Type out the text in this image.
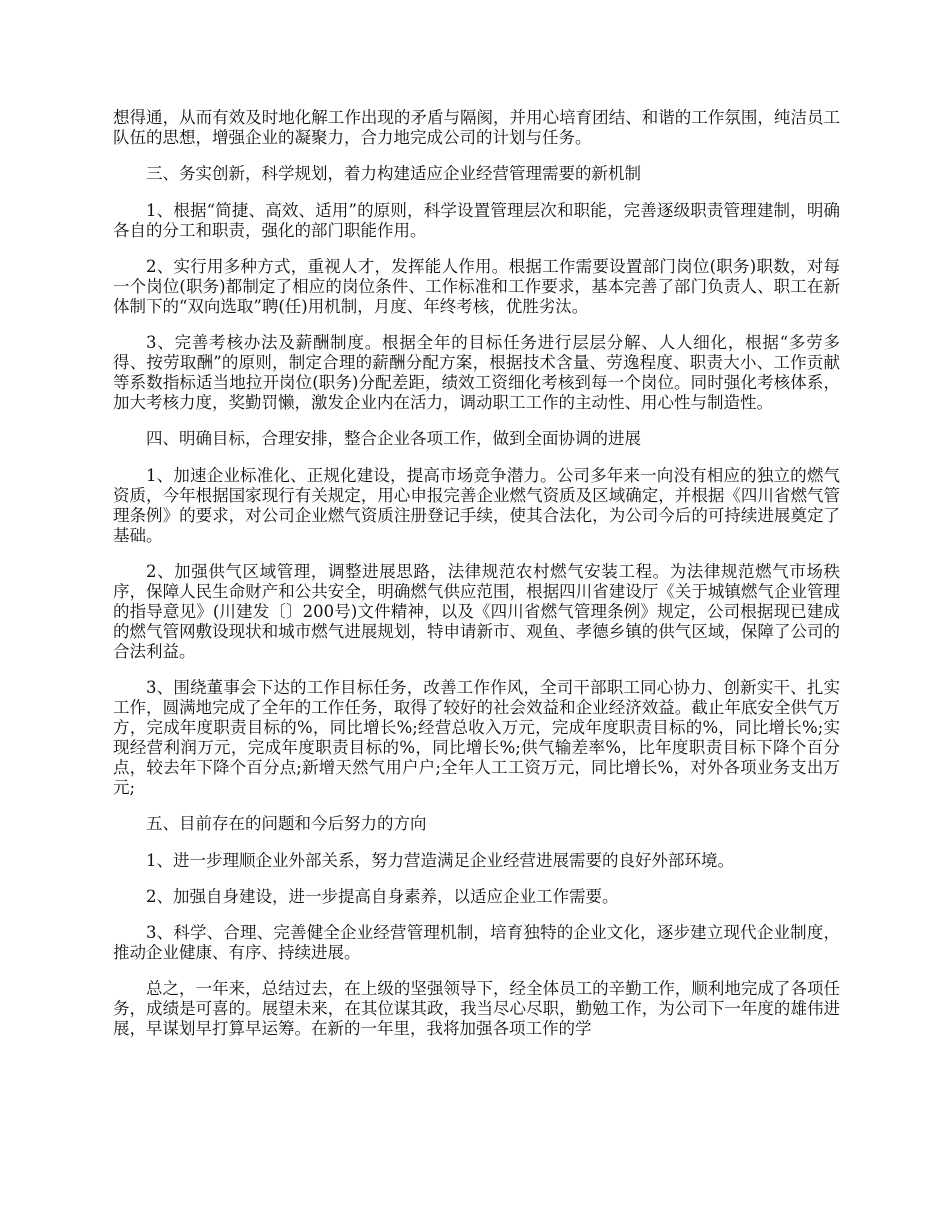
想得通，从而有效及时地化解工作出现的矛盾与隔阂，并用心培育团结、和谐的工作氛围，纯洁员工队伍的思想，增强企业的凝聚力，合力地完成公司的计划与任务。

三、务实创新，科学规划，着力构建适应企业经营管理需要的新机制

1、根据“简捷、高效、适用”的原则，科学设置管理层次和职能，完善逐级职责管理建制，明确各自的分工和职责，强化的部门职能作用。

2、实行用多种方式，重视人才，发挥能人作用。根据工作需要设置部门岗位(职务)职数，对每一个岗位(职务)都制定了相应的岗位条件、工作标准和工作要求，基本完善了部门负责人、职工在新体制下的“双向选取”聘(任)用机制，月度、年终考核，优胜劣汰。

3、完善考核办法及薪酬制度。根据全年的目标任务进行层层分解、人人细化，根据“多劳多得、按劳取酬”的原则，制定合理的薪酬分配方案，根据技术含量、劳逸程度、职责大小、工作贡献等系数指标适当地拉开岗位(职务)分配差距，绩效工资细化考核到每一个岗位。同时强化考核体系，加大考核力度，奖勤罚懒，激发企业内在活力，调动职工工作的主动性、用心性与制造性。

四、明确目标，合理安排，整合企业各项工作，做到全面协调的进展

1、加速企业标准化、正规化建设，提高市场竞争潜力。公司多年来一向没有相应的独立的燃气资质，今年根据国家现行有关规定，用心申报完善企业燃气资质及区域确定，并根据《四川省燃气管理条例》的要求，对公司企业燃气资质注册登记手续，使其合法化，为公司今后的可持续进展奠定了基础。

2、加强供气区域管理，调整进展思路，法律规范农村燃气安装工程。为法律规范燃气市场秩序，保障人民生命财产和公共安全，明确燃气供应范围，根据四川省建设厅《关于城镇燃气企业管理的指导意见》(川建发〔〕200号)文件精神，以及《四川省燃气管理条例》规定，公司根据现已建成的燃气管网敷设现状和城市燃气进展规划，特申请新市、观鱼、孝德乡镇的供气区域，保障了公司的合法利益。

3、围绕董事会下达的工作目标任务，改善工作作风，全司干部职工同心协力、创新实干、扎实工作，圆满地完成了全年的工作任务，取得了较好的社会效益和企业经济效益。截止年底安全供气万方，完成年度职责目标的%，同比增长%;经营总收入万元，完成年度职责目标的%，同比增长%;实现经营利润万元，完成年度职责目标的%，同比增长%;供气输差率%，比年度职责目标下降个百分点，较去年下降个百分点;新增天然气用户户;全年人工工资万元，同比增长%，对外各项业务支出万元;

五、目前存在的问题和今后努力的方向

1、进一步理顺企业外部关系，努力营造满足企业经营进展需要的良好外部环境。

2、加强自身建设，进一步提高自身素养，以适应企业工作需要。

3、科学、合理、完善健全企业经营管理机制，培育独特的企业文化，逐步建立现代企业制度，推动企业健康、有序、持续进展。

总之，一年来，总结过去，在上级的坚强领导下，经全体员工的辛勤工作，顺利地完成了各项任务，成绩是可喜的。展望未来，在其位谋其政，我当尽心尽职，勤勉工作，为公司下一年度的雄伟进展，早谋划早打算早运筹。在新的一年里，我将加强各项工作的学
